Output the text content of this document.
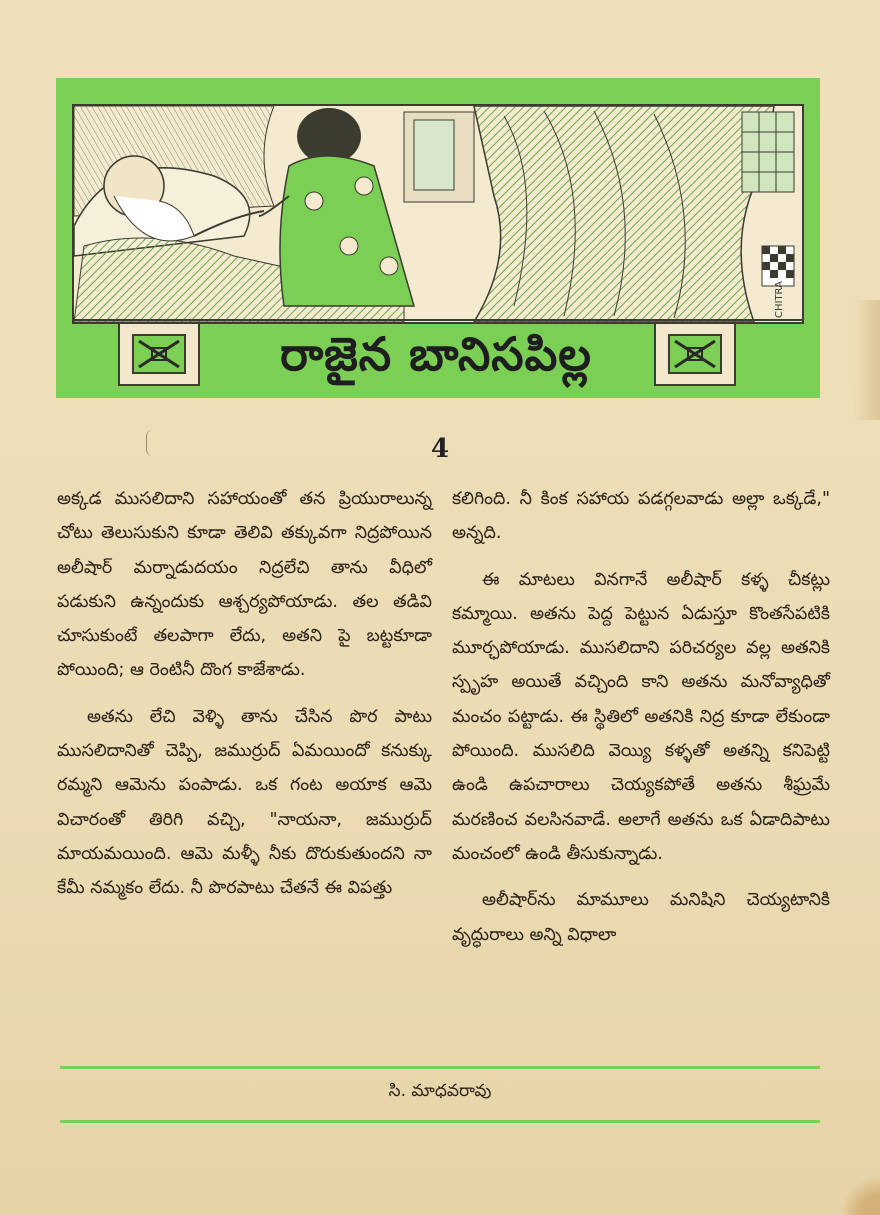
CHITRA
రాజైన బానిసపిల్ల
4

అక్కడ ముసలిదాని సహాయంతో తన ప్రియురాలున్న చోటు తెలుసుకుని కూడా తెలివి తక్కువగా నిద్రపోయిన అలీషార్ మర్నాడుదయం నిద్రలేచి తాను వీధిలో పడుకుని ఉన్నందుకు ఆశ్చర్యపోయాడు. తల తడివి చూసుకుంటే తలపాగా లేదు, అతని పై బట్టకూడా పోయింది; ఆ రెంటినీ దొంగ కాజేశాడు.

అతను లేచి వెళ్ళి తాను చేసిన పొర పాటు ముసలిదానితో చెప్పి, జముర్రుద్ ఏమయిందో కనుక్కు రమ్మని ఆమెను పంపాడు. ఒక గంట అయాక ఆమె విచారంతో తిరిగి వచ్చి, "నాయనా, జముర్రుద్ మాయమయింది. ఆమె మళ్ళీ నీకు దొరుకుతుందని నా కేమీ నమ్మకం లేదు. నీ పొరపాటు చేతనే ఈ విపత్తు

కలిగింది. నీ కింక సహాయ పడగ్గలవాడు అల్లా ఒక్కడే," అన్నది.

ఈ మాటలు వినగానే అలీషార్ కళ్ళ చీకట్లు కమ్మాయి. అతను పెద్ద పెట్టున ఏడుస్తూ కొంతసేపటికి మూర్ఛపోయాడు. ముసలిదాని పరిచర్యల వల్ల అతనికి స్పృహ అయితే వచ్చింది కాని అతను మనోవ్యాధితో మంచం పట్టాడు. ఈ స్థితిలో అతనికి నిద్ర కూడా లేకుండా పోయింది. ముసలిది వెయ్యి కళ్ళతో అతన్ని కనిపెట్టి ఉండి ఉపచారాలు చెయ్యకపోతే అతను శీఘ్రమే మరణించ వలసినవాడే. అలాగే అతను ఒక ఏడాదిపాటు మంచంలో ఉండి తీసుకున్నాడు.

అలీషార్‌ను మామూలు మనిషిని చెయ్యటానికి వృద్ధురాలు అన్ని విధాలా

సి. మాధవరావు
